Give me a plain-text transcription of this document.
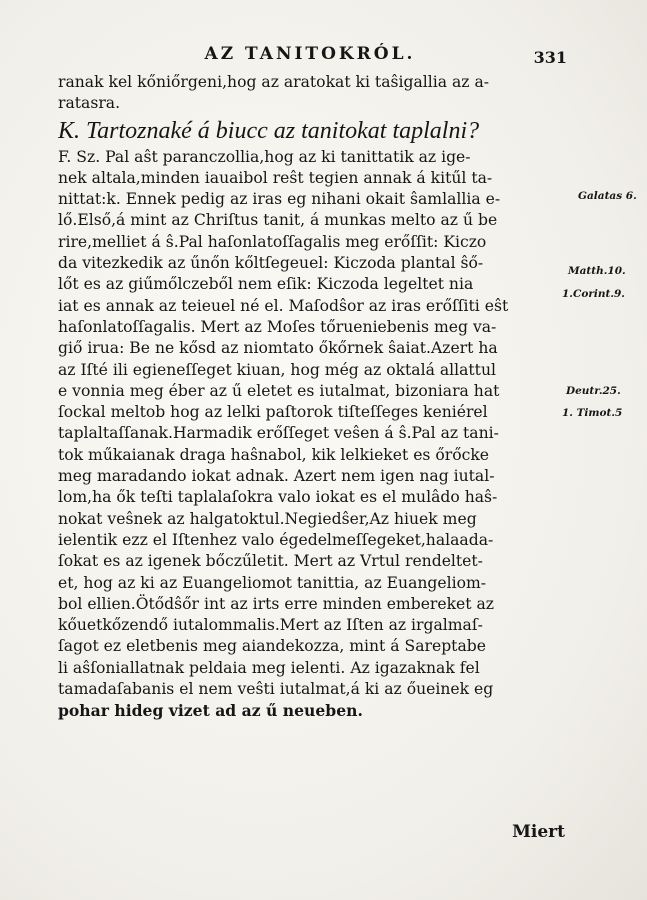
AZ TANITOKRÓL.	331
ranak kel kőniőrgeni,hog az aratokat ki taŝigallia az a-
ratasra.
K. Tartoznaké á biucc az tanitokat taplalni?
F. Sz. Pal aŝt paranczollia,hog az ki tanittatik az ige-
nek altala,minden iauaibol reŝt tegien annak á kitűl ta-
nittat:k. Ennek pedig az iras eg nihani okait ŝamlallia e-
lő.Első,á mint az Chriſtus tanit, á munkas melto az ű be
rire,melliet á ŝ.Pal haſonlatoſſagalis meg erőſſit: Kiczo
da vitezkedik az űnőn kőltſegeuel: Kiczoda plantal ŝő-
lőt es az giűmőlczeből nem eſik: Kiczoda legeltet nia
iat es annak az teieuel né el. Maſodŝor az iras erőſſiti eŝt
haſonlatoſſagalis. Mert az Moſes tőrueniebenis meg va-
giő irua: Be ne kősd az niomtato őkőrnek ŝaiat.Azert ha
az Iſté ili egieneſſeget kiuan, hog még az oktalá allattul
e vonnia meg éber az ű eletet es iutalmat, bizoniara hat
ſockal meltob hog az lelki paſtorok tiſteſſeges keniérel
taplaltaſſanak.Harmadik erőſſeget veŝen á ŝ.Pal az tani-
tok műkaianak draga haŝnabol, kik lelkieket es őrőcke
meg maradando iokat adnak. Azert nem igen nag iutal-
lom,ha ők teſti taplalaſokra valo iokat es el mulâdo haŝ-
nokat veŝnek az halgatoktul.Negiedŝer,Az hiuek meg
ielentik ezz el Iſtenhez valo égedelmeſſegeket,halaada-
ſokat es az igenek bőczűletit. Mert az Vrtul rendeltet-
et, hog az ki az Euangeliomot tanittia, az Euangeliom-
bol ellien.Ötődŝőr int az irts erre minden embereket az
kőuetkőzendő iutalommalis.Mert az Iſten az irgalmaſ-
ſagot ez eletbenis meg aiandekozza, mint á Sareptabe
li aŝſoniallatnak peldaia meg ielenti. Az igazaknak fel
tamadaſabanis el nem veŝti iutalmat,á ki az őueinek eg
pohar hideg vizet ad az ű neueben.
Galatas 6.
Matth.10.
1.Corint.9.
Deutr.25.
1. Timot.5
Miert
